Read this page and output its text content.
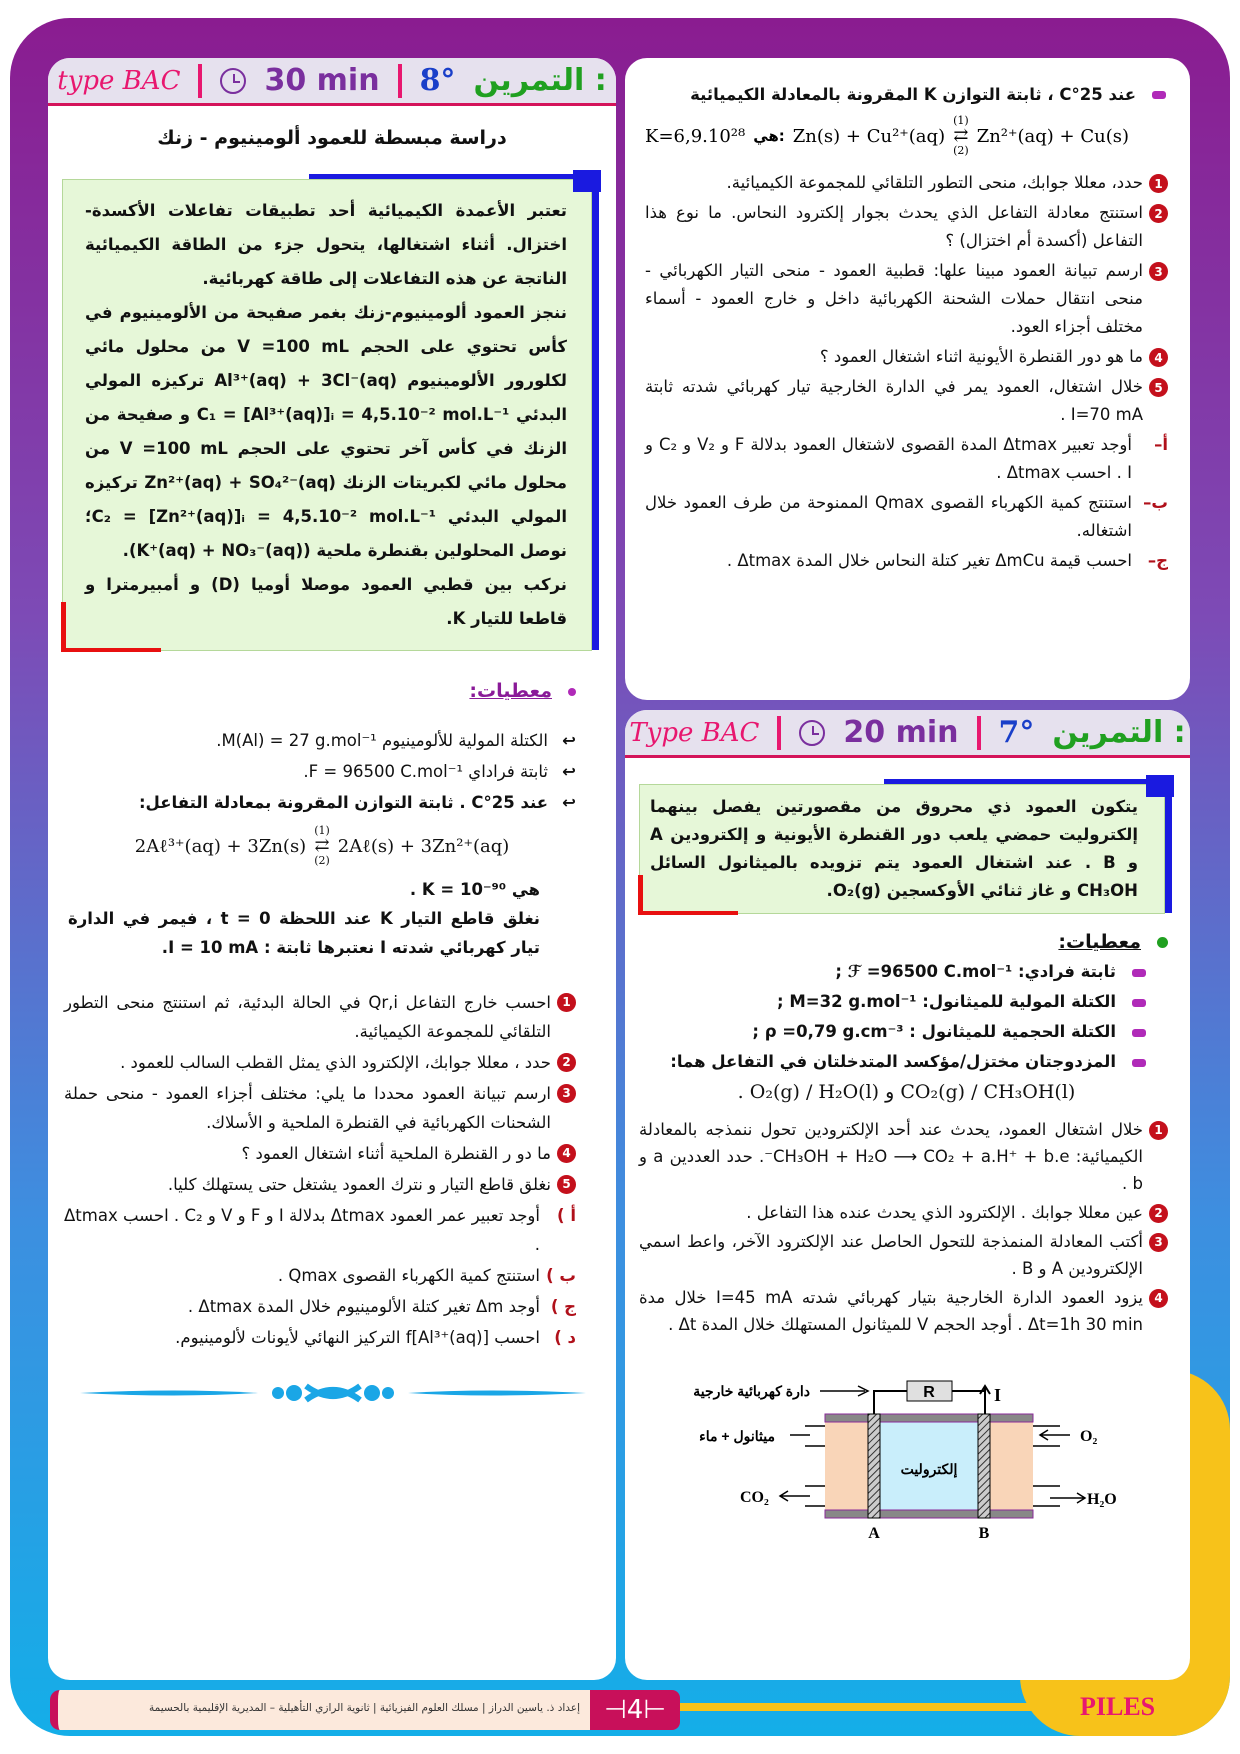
type BAC	30 min 8° التمرين :
دراسة مبسطة للعمود ألومينيوم - زنك

تعتبر الأعمدة الكيميائية أحد تطبيقات تفاعلات الأكسدة-اختزال. أثناء اشتغالها، يتحول جزء من الطاقة الكيميائية الناتجة عن هذه التفاعلات إلى طاقة كهربائية.

ننجز العمود ألومينيوم-زنك بغمر صفيحة من الألومينيوم في كأس تحتوي على الحجم V =100 mL من محلول مائي لكلورور الألومينيوم Al³⁺(aq) + 3Cl⁻(aq) تركيزه المولي البدئي C₁ = [Al³⁺(aq)]ᵢ = 4,5.10⁻² mol.L⁻¹ و صفيحة من الزنك في كأس آخر تحتوي على الحجم V =100 mL من محلول مائي لكبريتات الزنك Zn²⁺(aq) + SO₄²⁻(aq) تركيزه المولي البدئي C₂ = [Zn²⁺(aq)]ᵢ = 4,5.10⁻² mol.L⁻¹؛ نوصل المحلولين بقنطرة ملحية (K⁺(aq) + NO₃⁻(aq)).

نركب بين قطبي العمود موصلا أوميا (D) و أمبيرمترا و قاطعا للتيار K.

معطيات:
↩
الكتلة المولية للألومينيوم M(Al) = 27 g.mol⁻¹.
↩
ثابتة فراداي F = 96500 C.mol⁻¹.
↩
عند 25°C . ثابتة التوازن المقرونة بمعادلة التفاعل:
2Aℓ³⁺(aq) + 3Zn(s)
(1)
⇄
(2)
2Aℓ(s) + 3Zn²⁺(aq)
هي K = 10⁻⁹⁰ .
نغلق قاطع التيار K عند اللحظة t = 0 ، فيمر في الدارة تيار كهربائي شدته I نعتبرها ثابتة : I = 10 mA.
1
احسب خارج التفاعل Qr,i في الحالة البدئية، ثم استنتج منحى التطور التلقائي للمجموعة الكيميائية.
2
حدد ، معللا جوابك، الإلكترود الذي يمثل القطب السالب للعمود .
3
ارسم تبيانة العمود محددا ما يلي: مختلف أجزاء العمود - منحى حملة الشحنات الكهربائية في القنطرة الملحية و الأسلاك.
4
ما دو ر القنطرة الملحية أثناء اشتغال العمود ؟
5
نغلق قاطع التيار و نترك العمود يشتغل حتى يستهلك كليا.
أ )
أوجد تعبير عمر العمود Δtmax بدلالة I و F و V و C₂ . احسب Δtmax .
ب )
استنتج كمية الكهرباء القصوى Qmax .
ج )
أوجد Δm تغير كتلة الألومينيوم خلال المدة Δtmax .
د )
احسب [Al³⁺(aq)]f التركيز النهائي لأيونات لألومينيوم.
عند 25°C ، ثابتة التوازن K المقرونة بالمعادلة الكيميائية
K=6,9.10²⁸ هي: Zn(s) + Cu²⁺(aq)
(1)
⇄
(2)
Zn²⁺(aq) + Cu(s)
1
حدد، معللا جوابك، منحى التطور التلقائي للمجموعة الكيميائية.
2
استنتج معادلة التفاعل الذي يحدث بجوار إلكترود النحاس. ما نوع هذا التفاعل (أكسدة أم اختزال) ؟
3
ارسم تبيانة العمود مبينا علها: قطبية العمود - منحى التيار الكهربائي - منحى انتقال حملات الشحنة الكهربائية داخل و خارج العمود - أسماء مختلف أجزاء العود.
4
ما هو دور القنطرة الأيونية اثناء اشتغال العمود ؟
5
خلال اشتغال، العمود يمر في الدارة الخارجية تيار كهربائي شدته ثابتة I=70 mA .
أ–
أوجد تعبير Δtmax المدة القصوى لاشتغال العمود بدلالة F و V₂ و C₂ و I . احسب Δtmax .
ب–
استنتج كمية الكهرباء القصوى Qmax الممنوحة من طرف العمود خلال اشتغاله.
ج–
احسب قيمة ΔmCu تغير كتلة النحاس خلال المدة Δtmax .
Type BAC	20 min 7° التمرين :
يتكون العمود ذي محروق من مقصورتين يفصل بينهما إلكتروليت حمضي يلعب دور القنطرة الأيونية و إلكترودين A و B . عند اشتغال العمود يتم تزويده بالميثانول السائل CH₃OH و غاز ثنائي الأوكسجين O₂(g).
معطيات:
ثابتة فرادي: ℱ =96500 C.mol⁻¹ ;
الكتلة المولية للميثانول: M=32 g.mol⁻¹ ;
الكتلة الحجمية للميثانول : ρ =0,79 g.cm⁻³ ;
المزدوجتان مختزل/مؤكسد المتدخلتان في التفاعل هما:
CO₂(g) / CH₃OH(l) و O₂(g) / H₂O(l) .
1
خلال اشتغال العمود، يحدث عند أحد الإلكترودين تحول ننمذجه بالمعادلة الكيميائية: CH₃OH + H₂O ⟶ CO₂ + a.H⁺ + b.e⁻. حدد العددين a و b .
2
عين معللا جوابك . الإلكترود الذي يحدث عنده هذا التفاعل .
3
أكتب المعادلة المنمذجة للتحول الحاصل عند الإلكترود الآخر، واعط اسمي الإلكترودين A و B .
4
يزود العمود الدارة الخارجية بتيار كهربائي شدته I=45 mA خلال مدة Δt=1h 30 min . أوجد الحجم V للميثانول المستهلك خلال المدة Δt .
R	I
دارة كهربائية خارجية
ميثانول + ماء
CO₂
O₂
H₂O
إلكتروليت
A	B
إعداد ذ. ياسين الدراز | مسلك العلوم الفيزيائية | ثانوية الرازي التأهيلية – المديرية الإقليمية بالحسيمة	⊣ 4 ⊢	PILES
